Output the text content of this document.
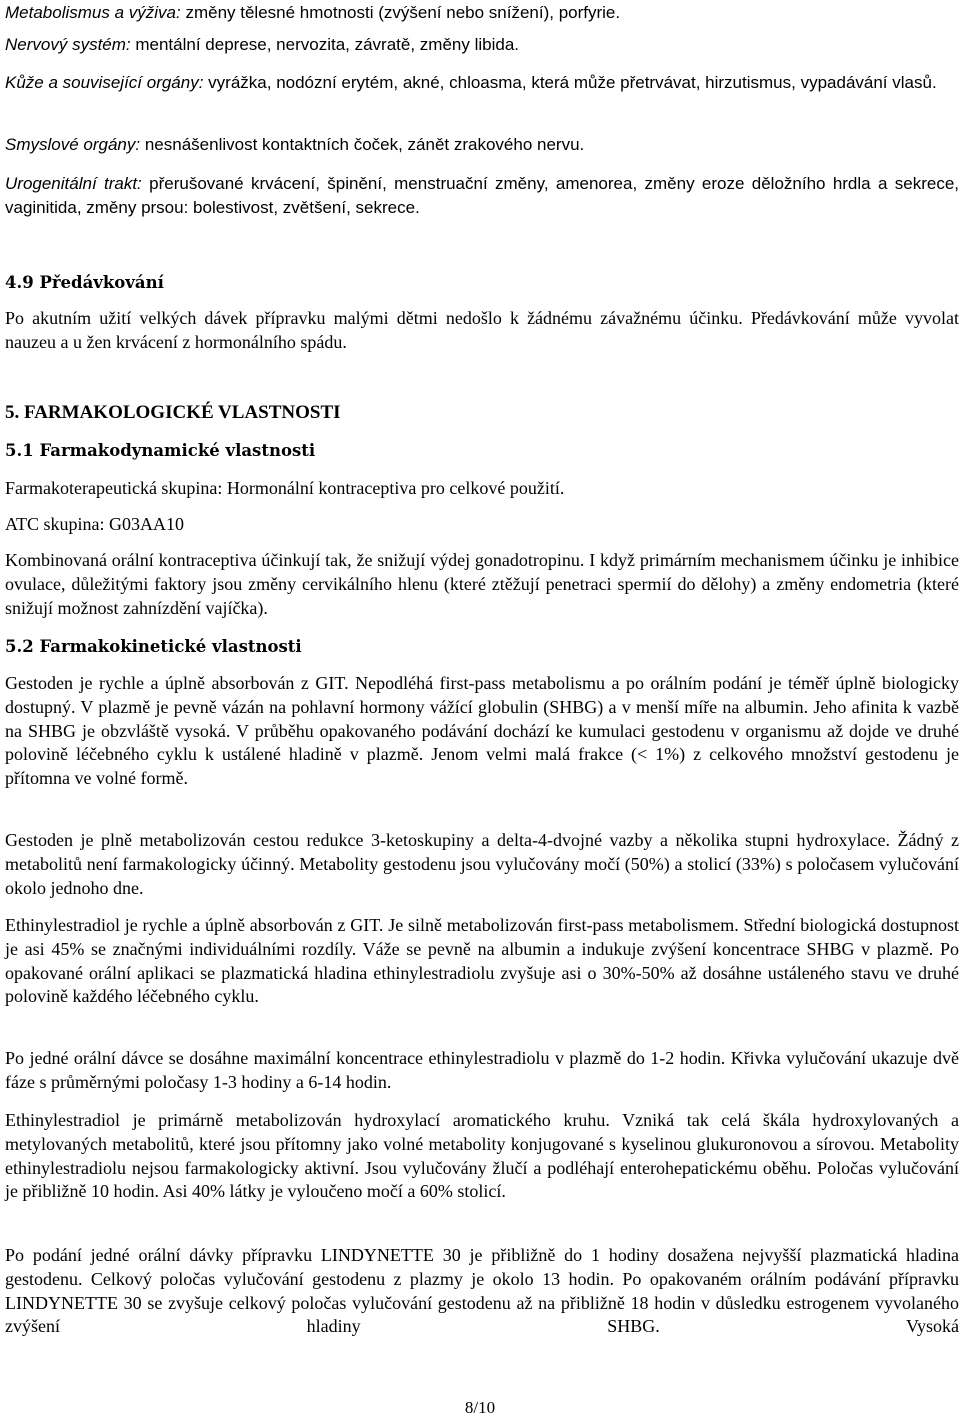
Metabolismus a výživa: změny tělesné hmotnosti (zvýšení nebo snížení), porfyrie.

Nervový systém: mentální deprese, nervozita, závratě, změny libida.

Kůže a související orgány: vyrážka, nodózní erytém, akné, chloasma, která může přetrvávat, hirzutismus, vypadávání vlasů.

Smyslové orgány: nesnášenlivost kontaktních čoček, zánět zrakového nervu.

Urogenitální trakt: přerušované krvácení, špinění, menstruační změny, amenorea, změny eroze děložního hrdla a sekrece, vaginitida, změny prsou: bolestivost, zvětšení, sekrece.

4.9 Předávkování

Po akutním užití velkých dávek přípravku malými dětmi nedošlo k žádnému závažnému účinku. Předávkování může vyvolat nauzeu a u žen krvácení z hormonálního spádu.

5. FARMAKOLOGICKÉ VLASTNOSTI
5.1 Farmakodynamické vlastnosti

Farmakoterapeutická skupina: Hormonální kontraceptiva pro celkové použití.

ATC skupina: G03AA10

Kombinovaná orální kontraceptiva účinkují tak, že snižují výdej gonadotropinu. I když primárním mechanismem účinku je inhibice ovulace, důležitými faktory jsou změny cervikálního hlenu (které ztěžují penetraci spermií do dělohy) a změny endometria (které snižují možnost zahnízdění vajíčka).

5.2 Farmakokinetické vlastnosti

Gestoden je rychle a úplně absorbován z GIT. Nepodléhá first-pass metabolismu a po orálním podání je téměř úplně biologicky dostupný. V plazmě je pevně vázán na pohlavní hormony vážící globulin (SHBG) a v menší míře na albumin. Jeho afinita k vazbě na SHBG je obzvláště vysoká. V průběhu opakovaného podávání dochází ke kumulaci gestodenu v organismu až dojde ve druhé polovině léčebného cyklu k ustálené hladině v plazmě. Jenom velmi malá frakce (< 1%) z celkového množství gestodenu je přítomna ve volné formě.

Gestoden je plně metabolizován cestou redukce 3-ketoskupiny a delta-4-dvojné vazby a několika stupni hydroxylace. Žádný z metabolitů není farmakologicky účinný. Metabolity gestodenu jsou vylučovány močí (50%) a stolicí (33%) s poločasem vylučování okolo jednoho dne.

Ethinylestradiol je rychle a úplně absorbován z GIT. Je silně metabolizován first-pass metabolismem. Střední biologická dostupnost je asi 45% se značnými individuálními rozdíly. Váže se pevně na albumin a indukuje zvýšení koncentrace SHBG v plazmě. Po opakované orální aplikaci se plazmatická hladina ethinylestradiolu zvyšuje asi o 30%-50% až dosáhne ustáleného stavu ve druhé polovině každého léčebného cyklu.

Po jedné orální dávce se dosáhne maximální koncentrace ethinylestradiolu v plazmě do 1-2 hodin. Křivka vylučování ukazuje dvě fáze s průměrnými poločasy 1-3 hodiny a 6-14 hodin.

Ethinylestradiol je primárně metabolizován hydroxylací aromatického kruhu. Vzniká tak celá škála hydroxylovaných a metylovaných metabolitů, které jsou přítomny jako volné metabolity konjugované s kyselinou glukuronovou a sírovou. Metabolity ethinylestradiolu nejsou farmakologicky aktivní. Jsou vylučovány žlučí a podléhají enterohepatickému oběhu. Poločas vylučování je přibližně 10 hodin. Asi 40% látky je vyloučeno močí a 60% stolicí.

Po podání jedné orální dávky přípravku LINDYNETTE 30 je přibližně do 1 hodiny dosažena nejvyšší plazmatická hladina gestodenu. Celkový poločas vylučování gestodenu z plazmy je okolo 13 hodin. Po opakovaném orálním podávání přípravku LINDYNETTE 30 se zvyšuje celkový poločas vylučování gestodenu až na přibližně 18 hodin v důsledku estrogenem vyvolaného zvýšení hladiny SHBG. Vysoká

8/10
